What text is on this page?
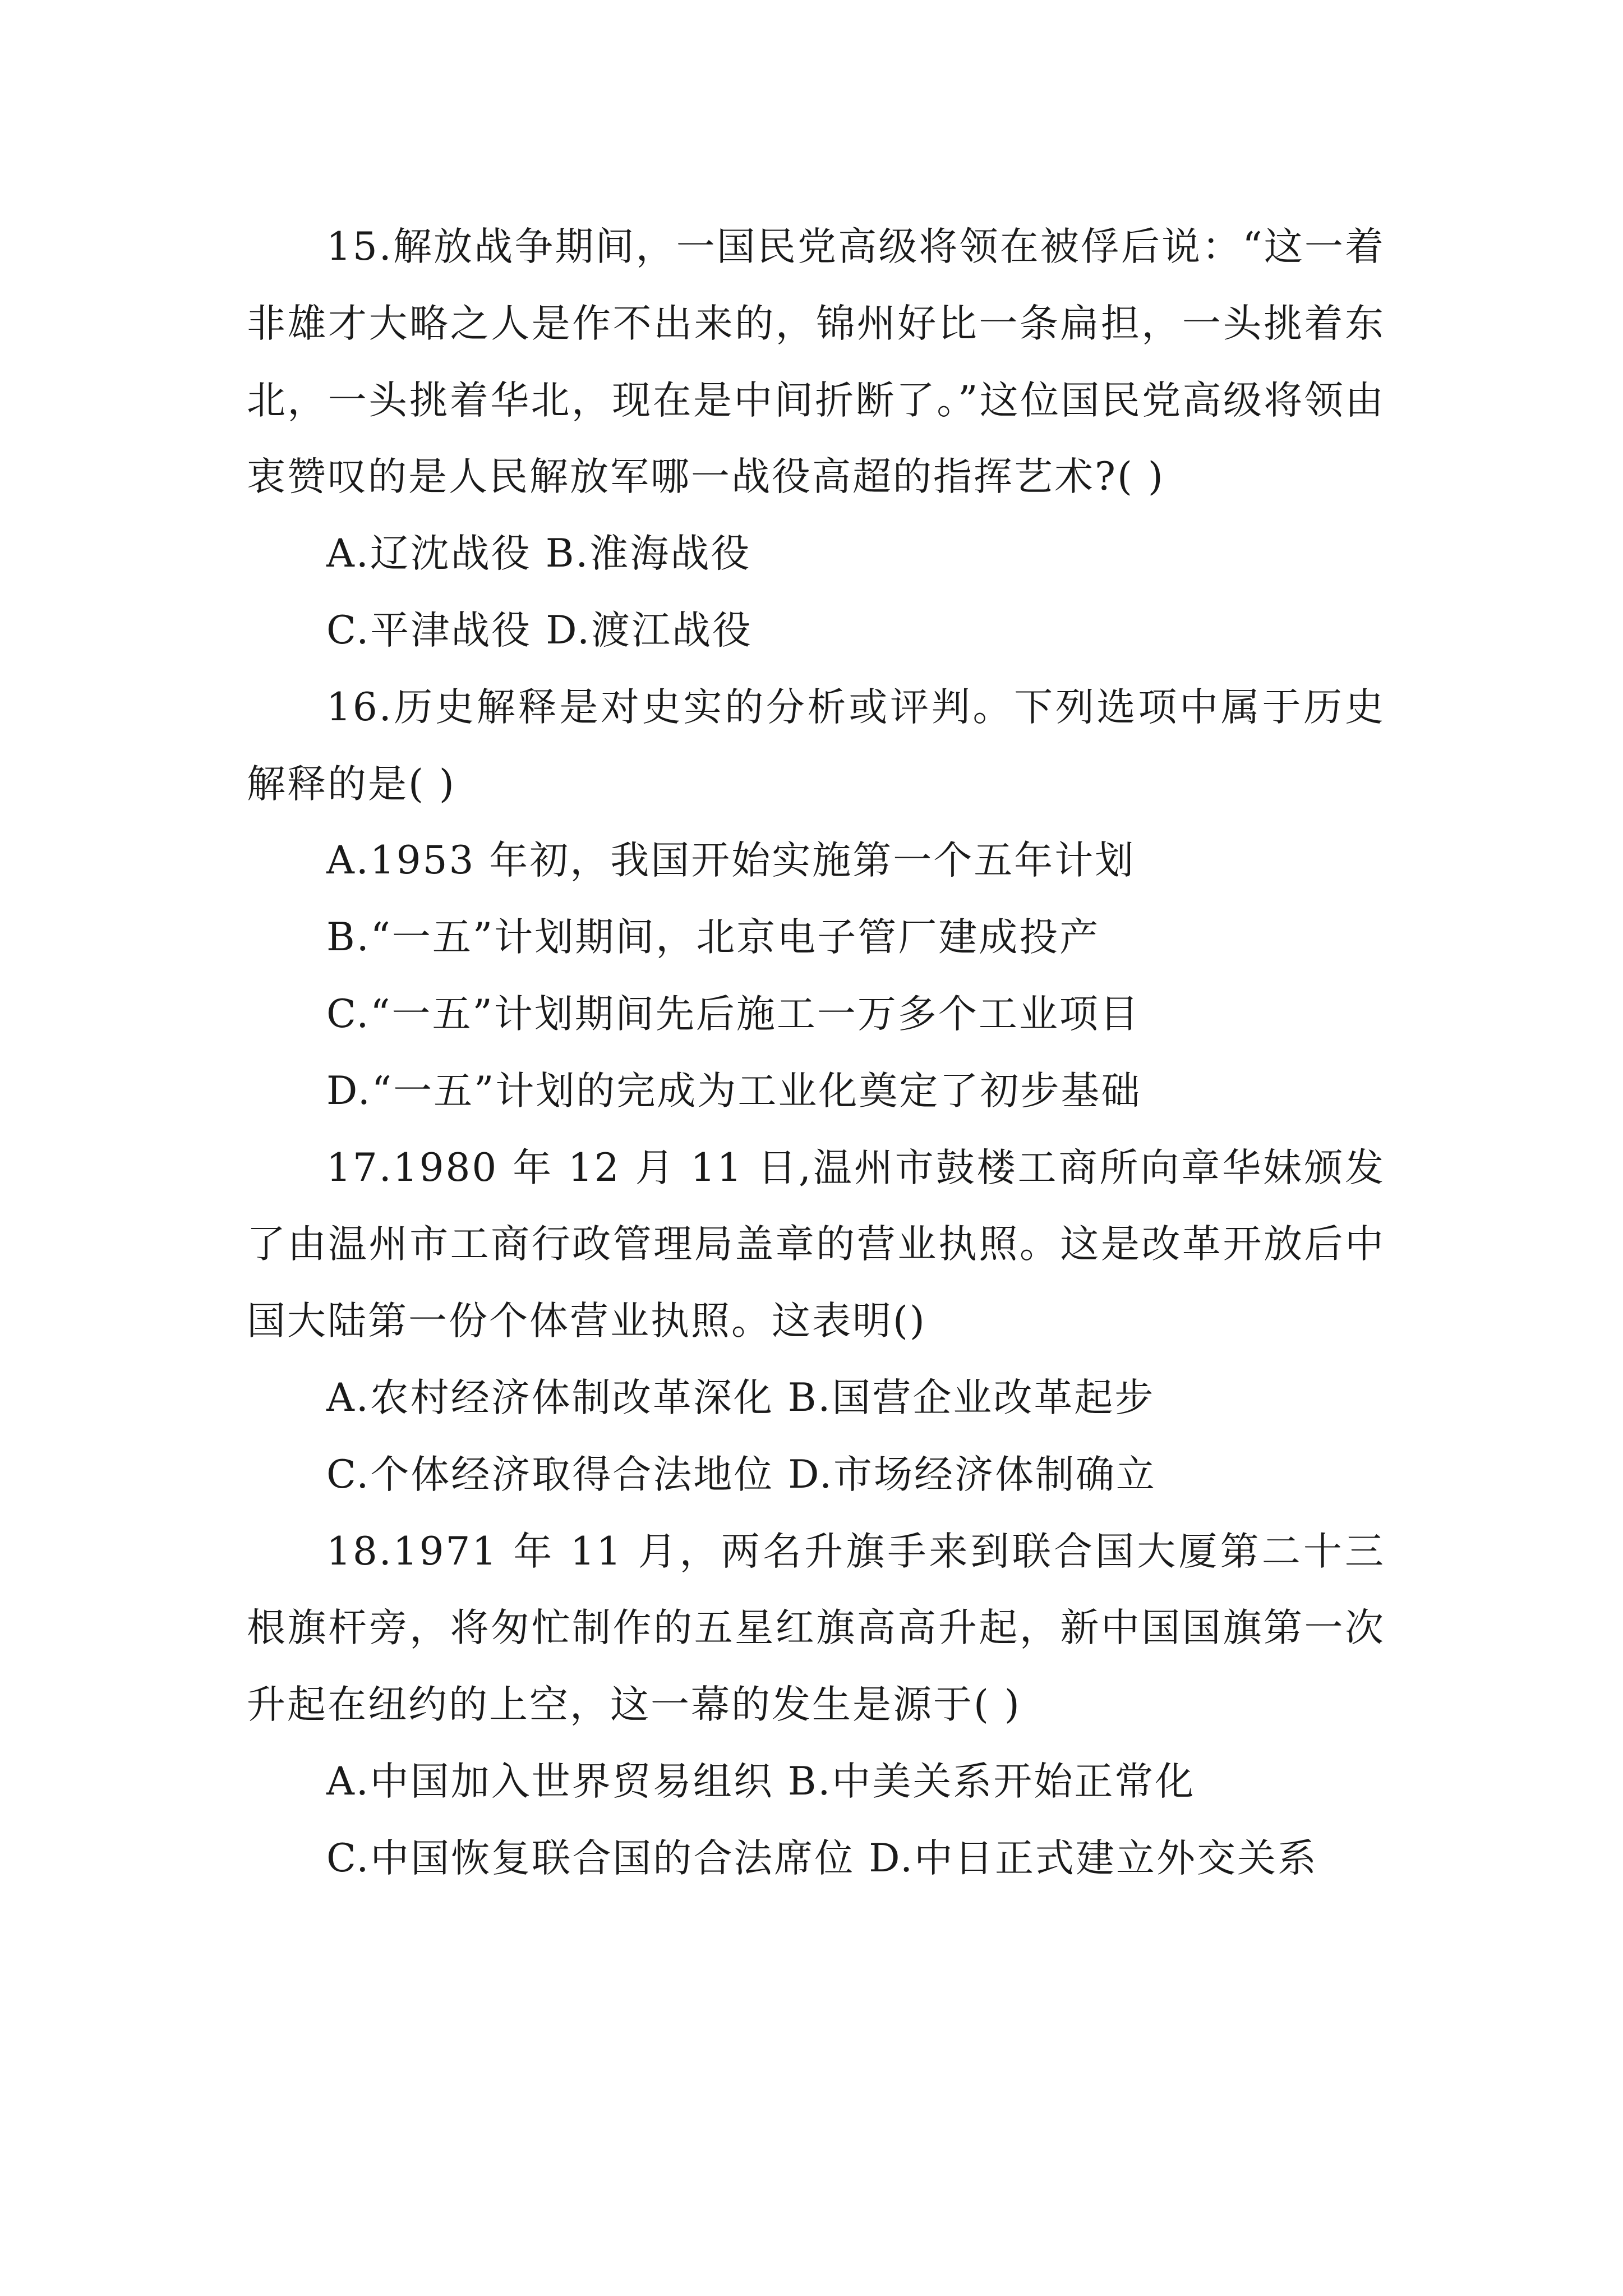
15.解放战争期间，一国民党高级将领在被俘后说：“这一着非雄才大略之人是作不出来的，锦州好比一条扁担，一头挑着东北，一头挑着华北，现在是中间折断了。”这位国民党高级将领由衷赞叹的是人民解放军哪一战役高超的指挥艺术?( )

A.辽沈战役 B.淮海战役

C.平津战役 D.渡江战役

16.历史解释是对史实的分析或评判。下列选项中属于历史解释的是( )

A.1953 年初，我国开始实施第一个五年计划

B.“一五”计划期间，北京电子管厂建成投产

C.“一五”计划期间先后施工一万多个工业项目

D.“一五”计划的完成为工业化奠定了初步基础

17.1980 年 12 月 11 日,温州市鼓楼工商所向章华妹颁发了由温州市工商行政管理局盖章的营业执照。这是改革开放后中国大陆第一份个体营业执照。这表明()

A.农村经济体制改革深化 B.国营企业改革起步

C.个体经济取得合法地位 D.市场经济体制确立

18.1971 年 11 月，两名升旗手来到联合国大厦第二十三根旗杆旁，将匆忙制作的五星红旗高高升起，新中国国旗第一次升起在纽约的上空，这一幕的发生是源于( )

A.中国加入世界贸易组织 B.中美关系开始正常化

C.中国恢复联合国的合法席位 D.中日正式建立外交关系
